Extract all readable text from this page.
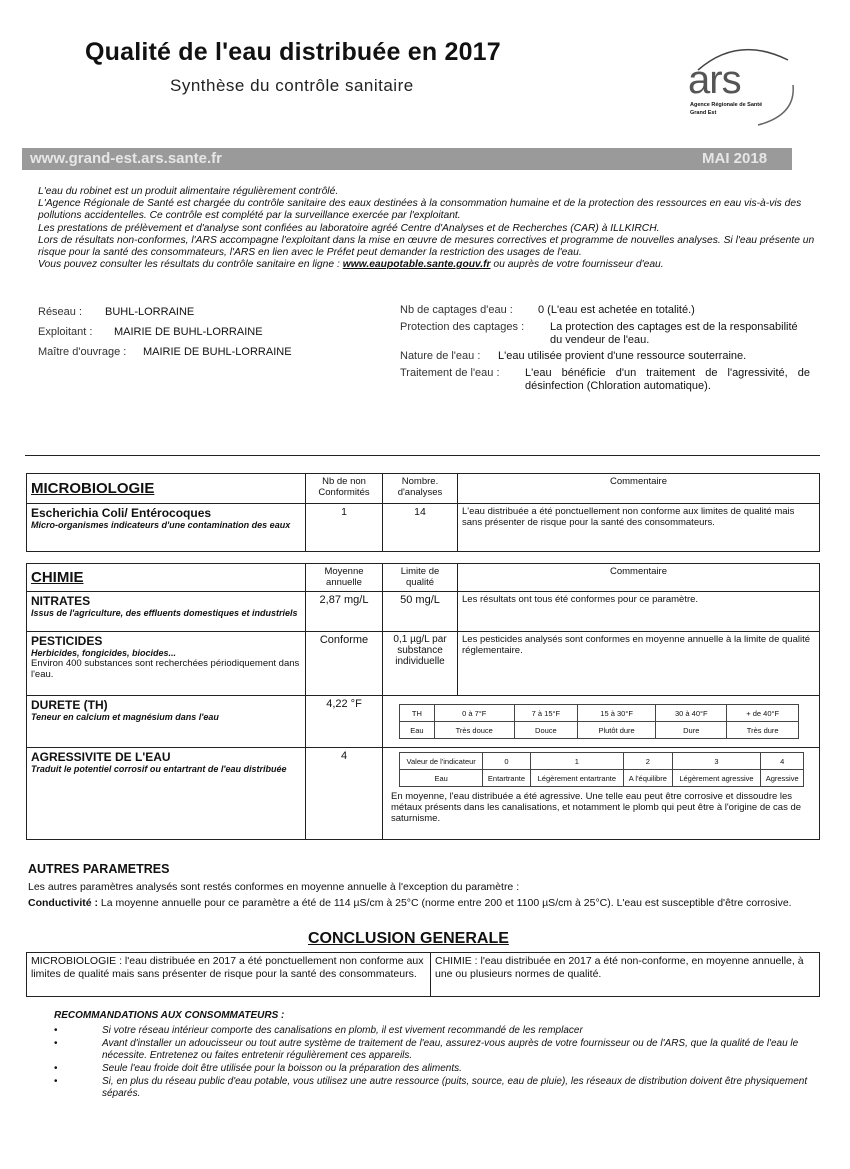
Qualité de l'eau distribuée en 2017
Synthèse du contrôle sanitaire	ars
Agence Régionale de Santé
Grand Est
www.grand-est.ars.sante.fr	MAI 2018

L'eau du robinet est un produit alimentaire régulièrement contrôlé.

L'Agence Régionale de Santé est chargée du contrôle sanitaire des eaux destinées à la consommation humaine et de la protection des ressources en eau vis-à-vis des pollutions accidentelles. Ce contrôle est complété par la surveillance exercée par l'exploitant.

Les prestations de prélèvement et d'analyse sont confiées au laboratoire agréé Centre d'Analyses et de Recherches (CAR) à ILLKIRCH.

Lors de résultats non-conformes, l'ARS accompagne l'exploitant dans la mise en œuvre de mesures correctives et programme de nouvelles analyses. Si l'eau présente un risque pour la santé des consommateurs, l'ARS en lien avec le Préfet peut demander la restriction des usages de l'eau.

Vous pouvez consulter les résultats du contrôle sanitaire en ligne : www.eaupotable.sante.gouv.fr ou auprès de votre fournisseur d'eau.

Réseau : BUHL-LORRAINE
Exploitant : MAIRIE DE BUHL-LORRAINE
Maître d'ouvrage : MAIRIE DE BUHL-LORRAINE
Nb de captages d'eau : 0 (L'eau est achetée en totalité.)
Protection des captages : La protection des captages est de la responsabilité du vendeur de l'eau.
Nature de l'eau : L'eau utilisée provient d'une ressource souterraine.
Traitement de l'eau : L'eau bénéficie d'un traitement de l'agressivité, de désinfection (Chloration automatique).
MICROBIOLOGIE	Nb de non Conformités	Nombre. d'analyses	Commentaire

Escherichia Coli/ Entérocoques
Micro-organismes indicateurs d'une contamination des eaux	1	14	L'eau distribuée a été ponctuellement non conforme aux limites de qualité mais sans présenter de risque pour la santé des consommateurs.
CHIMIE	Moyenne annuelle	Limite de qualité	Commentaire

NITRATES
Issus de l'agriculture, des effluents domestiques et industriels
	2,87 mg/L	50 mg/L	Les résultats ont tous été conformes pour ce paramètre.

PESTICIDES
Herbicides, fongicides, biocides...
Environ 400 substances sont recherchées périodiquement dans l'eau.
	Conforme	0,1 µg/L par substance individuelle	Les pesticides analysés sont conformes en moyenne annuelle à la limite de qualité réglementaire.

DURETE (TH)
Teneur en calcium et magnésium dans l'eau
	4,22 °F	
TH	0 à 7°F	7 à 15°F	15 à 30°F	30 à 40°F	+ de 40°F
Eau	Très douce	Douce	Plutôt dure	Dure	Très dure

AGRESSIVITE DE L'EAU
Traduit le potentiel corrosif ou entartrant de l'eau distribuée
	4		Valeur de l'indicateur	0	1	2	3	4
Eau	Entartrante	Légèrement entartrante	A l'équilibre	Légèrement agressive	Agressive
En moyenne, l'eau distribuée a été agressive. Une telle eau peut être corrosive et dissoudre les métaux présents dans les canalisations, et notamment le plomb qui peut être à l'origine de cas de saturnisme.
AUTRES PARAMETRES
Les autres paramètres analysés sont restés conformes en moyenne annuelle à l'exception du paramètre :
Conductivité : La moyenne annuelle pour ce paramètre a été de 114 µS/cm à 25°C (norme entre 200 et 1100 µS/cm à 25°C). L'eau est susceptible d'être corrosive.
CONCLUSION GENERALE
MICROBIOLOGIE : l'eau distribuée en 2017 a été ponctuellement non conforme aux limites de qualité mais sans présenter de risque pour la santé des consommateurs.	CHIMIE : l'eau distribuée en 2017 a été non-conforme, en moyenne annuelle, à une ou plusieurs normes de qualité.
RECOMMANDATIONS AUX CONSOMMATEURS :
• Si votre réseau intérieur comporte des canalisations en plomb, il est vivement recommandé de les remplacer
• Avant d'installer un adoucisseur ou tout autre système de traitement de l'eau, assurez-vous auprès de votre fournisseur ou de l'ARS, que la qualité de l'eau le nécessite. Entretenez ou faites entretenir régulièrement ces appareils.
• Seule l'eau froide doit être utilisée pour la boisson ou la préparation des aliments.
• Si, en plus du réseau public d'eau potable, vous utilisez une autre ressource (puits, source, eau de pluie), les réseaux de distribution doivent être physiquement séparés.
